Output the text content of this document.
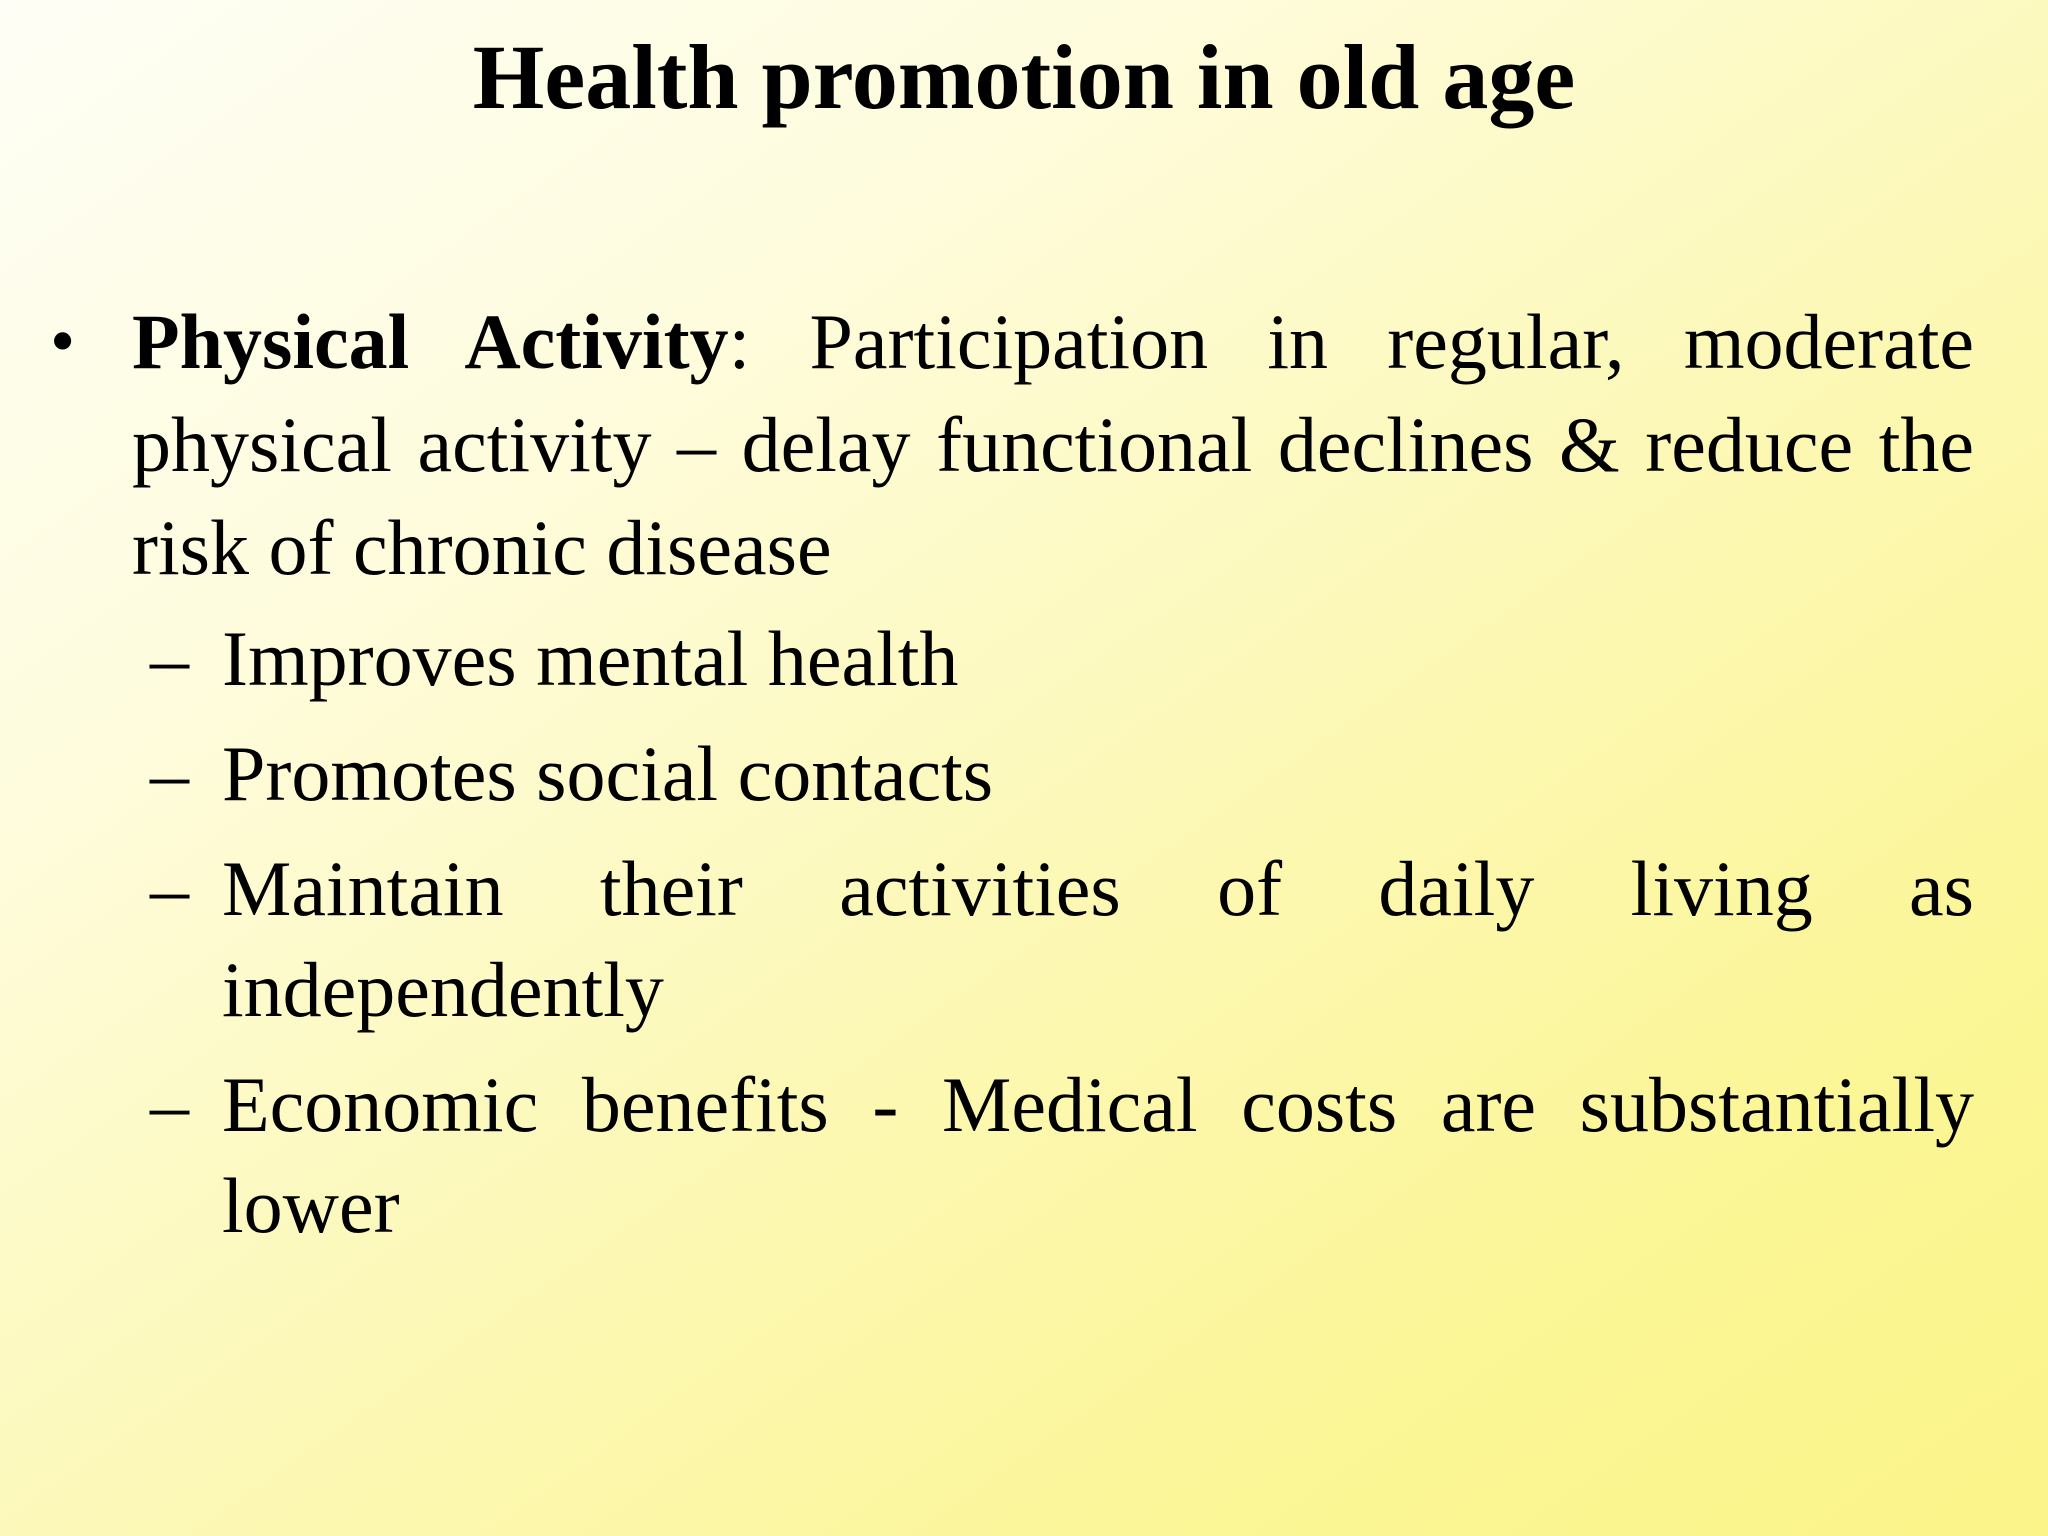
Health promotion in old age
• Physical Activity: Participation in regular, moderate physical activity – delay functional declines & reduce the risk of chronic disease
– Improves mental health
– Promotes social contacts
– Maintain their activities of daily living as independently
– Economic benefits - Medical costs are substantially lower
